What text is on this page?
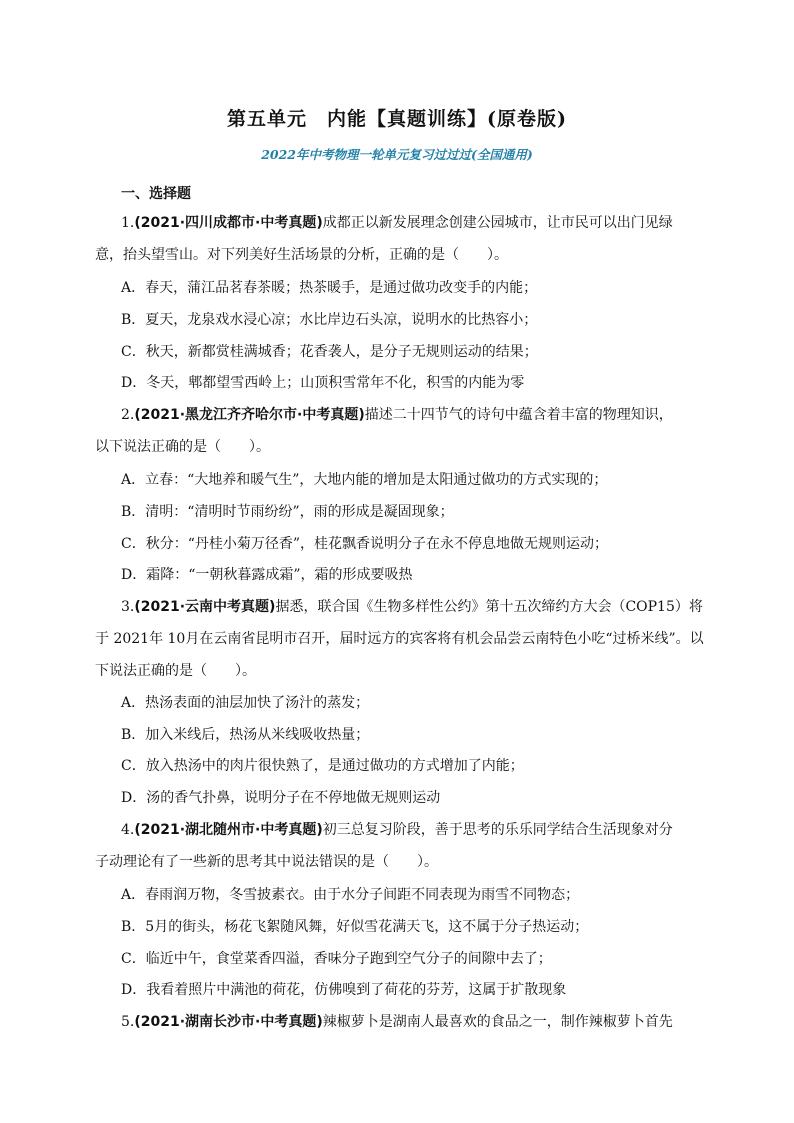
第五单元　内能【真题训练】(原卷版)
2022年中考物理一轮单元复习过过过(全国通用)
一、选择题
1.(2021·四川成都市·中考真题)成都正以新发展理念创建公园城市，让市民可以出门见绿
意，抬头望雪山。对下列美好生活场景的分析，正确的是（　　）。
A．春天，蒲江品茗春茶暖；热茶暖手，是通过做功改变手的内能；
B．夏天，龙泉戏水浸心凉；水比岸边石头凉，说明水的比热容小；
C．秋天，新都赏桂满城香；花香袭人，是分子无规则运动的结果；
D．冬天，郫都望雪西岭上；山顶积雪常年不化，积雪的内能为零
2.(2021·黑龙江齐齐哈尔市·中考真题)描述二十四节气的诗句中蕴含着丰富的物理知识，
以下说法正确的是（　　）。
A．立春：“大地养和暖气生”，大地内能的增加是太阳通过做功的方式实现的；
B．清明：“清明时节雨纷纷”，雨的形成是凝固现象；
C．秋分：“丹桂小菊万径香”，桂花飘香说明分子在永不停息地做无规则运动；
D．霜降：“一朝秋暮露成霜”，霜的形成要吸热
3.(2021·云南中考真题)据悉，联合国《生物多样性公约》第十五次缔约方大会（COP15）将
于 2021年 10月在云南省昆明市召开，届时远方的宾客将有机会品尝云南特色小吃“过桥米线”。以
下说法正确的是（　　）。
A．热汤表面的油层加快了汤汁的蒸发；
B．加入米线后，热汤从米线吸收热量；
C．放入热汤中的肉片很快熟了，是通过做功的方式增加了内能；
D．汤的香气扑鼻，说明分子在不停地做无规则运动
4.(2021·湖北随州市·中考真题)初三总复习阶段，善于思考的乐乐同学结合生活现象对分
子动理论有了一些新的思考其中说法错误的是（　　）。
A．春雨润万物，冬雪披素衣。由于水分子间距不同表现为雨雪不同物态；
B．5月的街头，杨花飞絮随风舞，好似雪花满天飞，这不属于分子热运动；
C．临近中午，食堂菜香四溢，香味分子跑到空气分子的间隙中去了；
D．我看着照片中满池的荷花，仿佛嗅到了荷花的芬芳，这属于扩散现象
5.(2021·湖南长沙市·中考真题)辣椒萝卜是湖南人最喜欢的食品之一，制作辣椒萝卜首先
